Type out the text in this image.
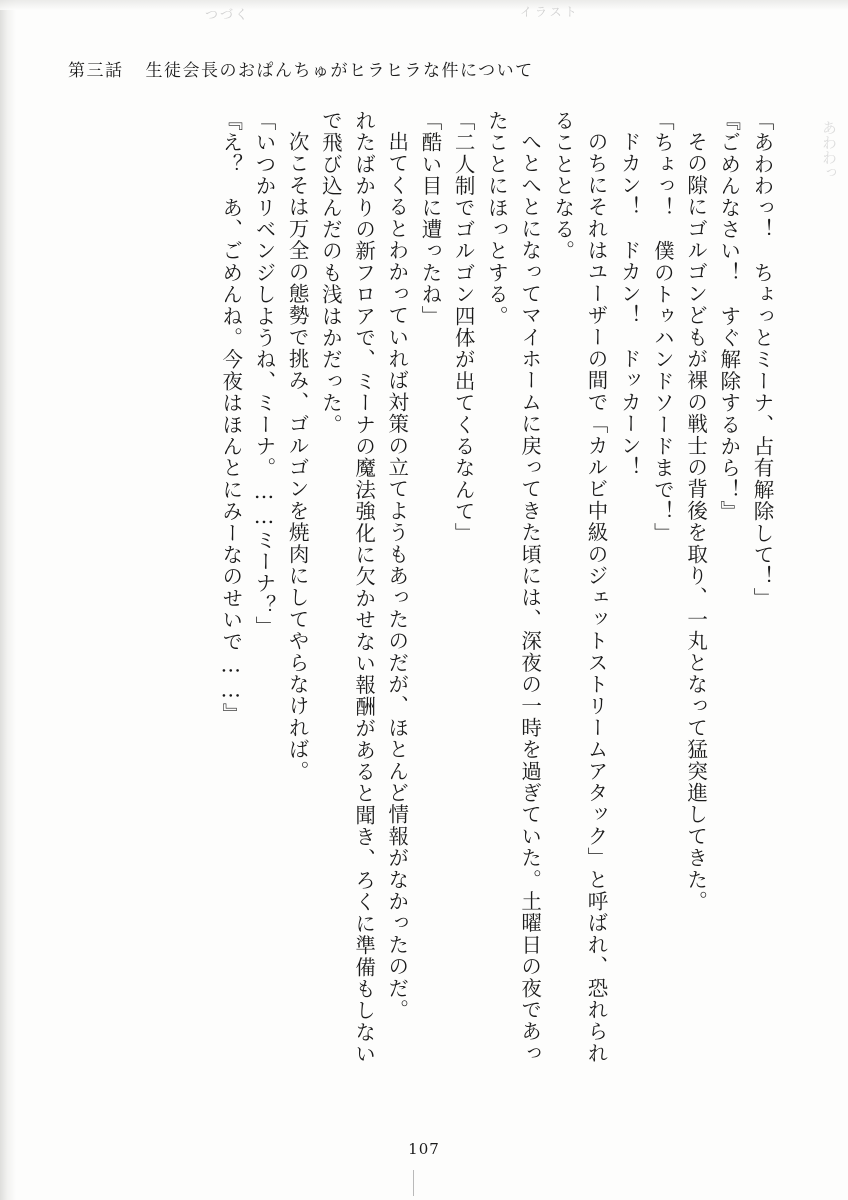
つづく	イラスト
あわわっ
第三話 生徒会長のおぱんちゅがヒラヒラな件について

「あわわっ！　ちょっとミーナ、占有解除して！」

『ごめんなさい！　すぐ解除するから！』

その隙にゴルゴンどもが裸の戦士の背後を取り、一丸となって猛突進してきた。

「ちょっ！　僕のトゥハンドソードまで！」

ドカン！　ドカン！　ドッカーン！

のちにそれはユーザーの間で「カルビ中級のジェットストリームアタック」と呼ばれ、恐れられることとなる。

へとへとになってマイホームに戻ってきた頃には、深夜の一時を過ぎていた。土曜日の夜であったことにほっとする。

「二人制でゴルゴン四体が出てくるなんて」

「酷い目に遭ったね」

出てくるとわかっていれば対策の立てようもあったのだが、ほとんど情報がなかったのだ。

れたばかりの新フロアで、ミーナの魔法強化に欠かせない報酬があると聞き、ろくに準備もしないで飛び込んだのも浅はかだった。

次こそは万全の態勢で挑み、ゴルゴンを焼肉にしてやらなければ。

「いつかリベンジしようね、ミーナ。……ミーナ？」

『え？　あ、ごめんね。今夜はほんとにみーなのせいで……』

107
